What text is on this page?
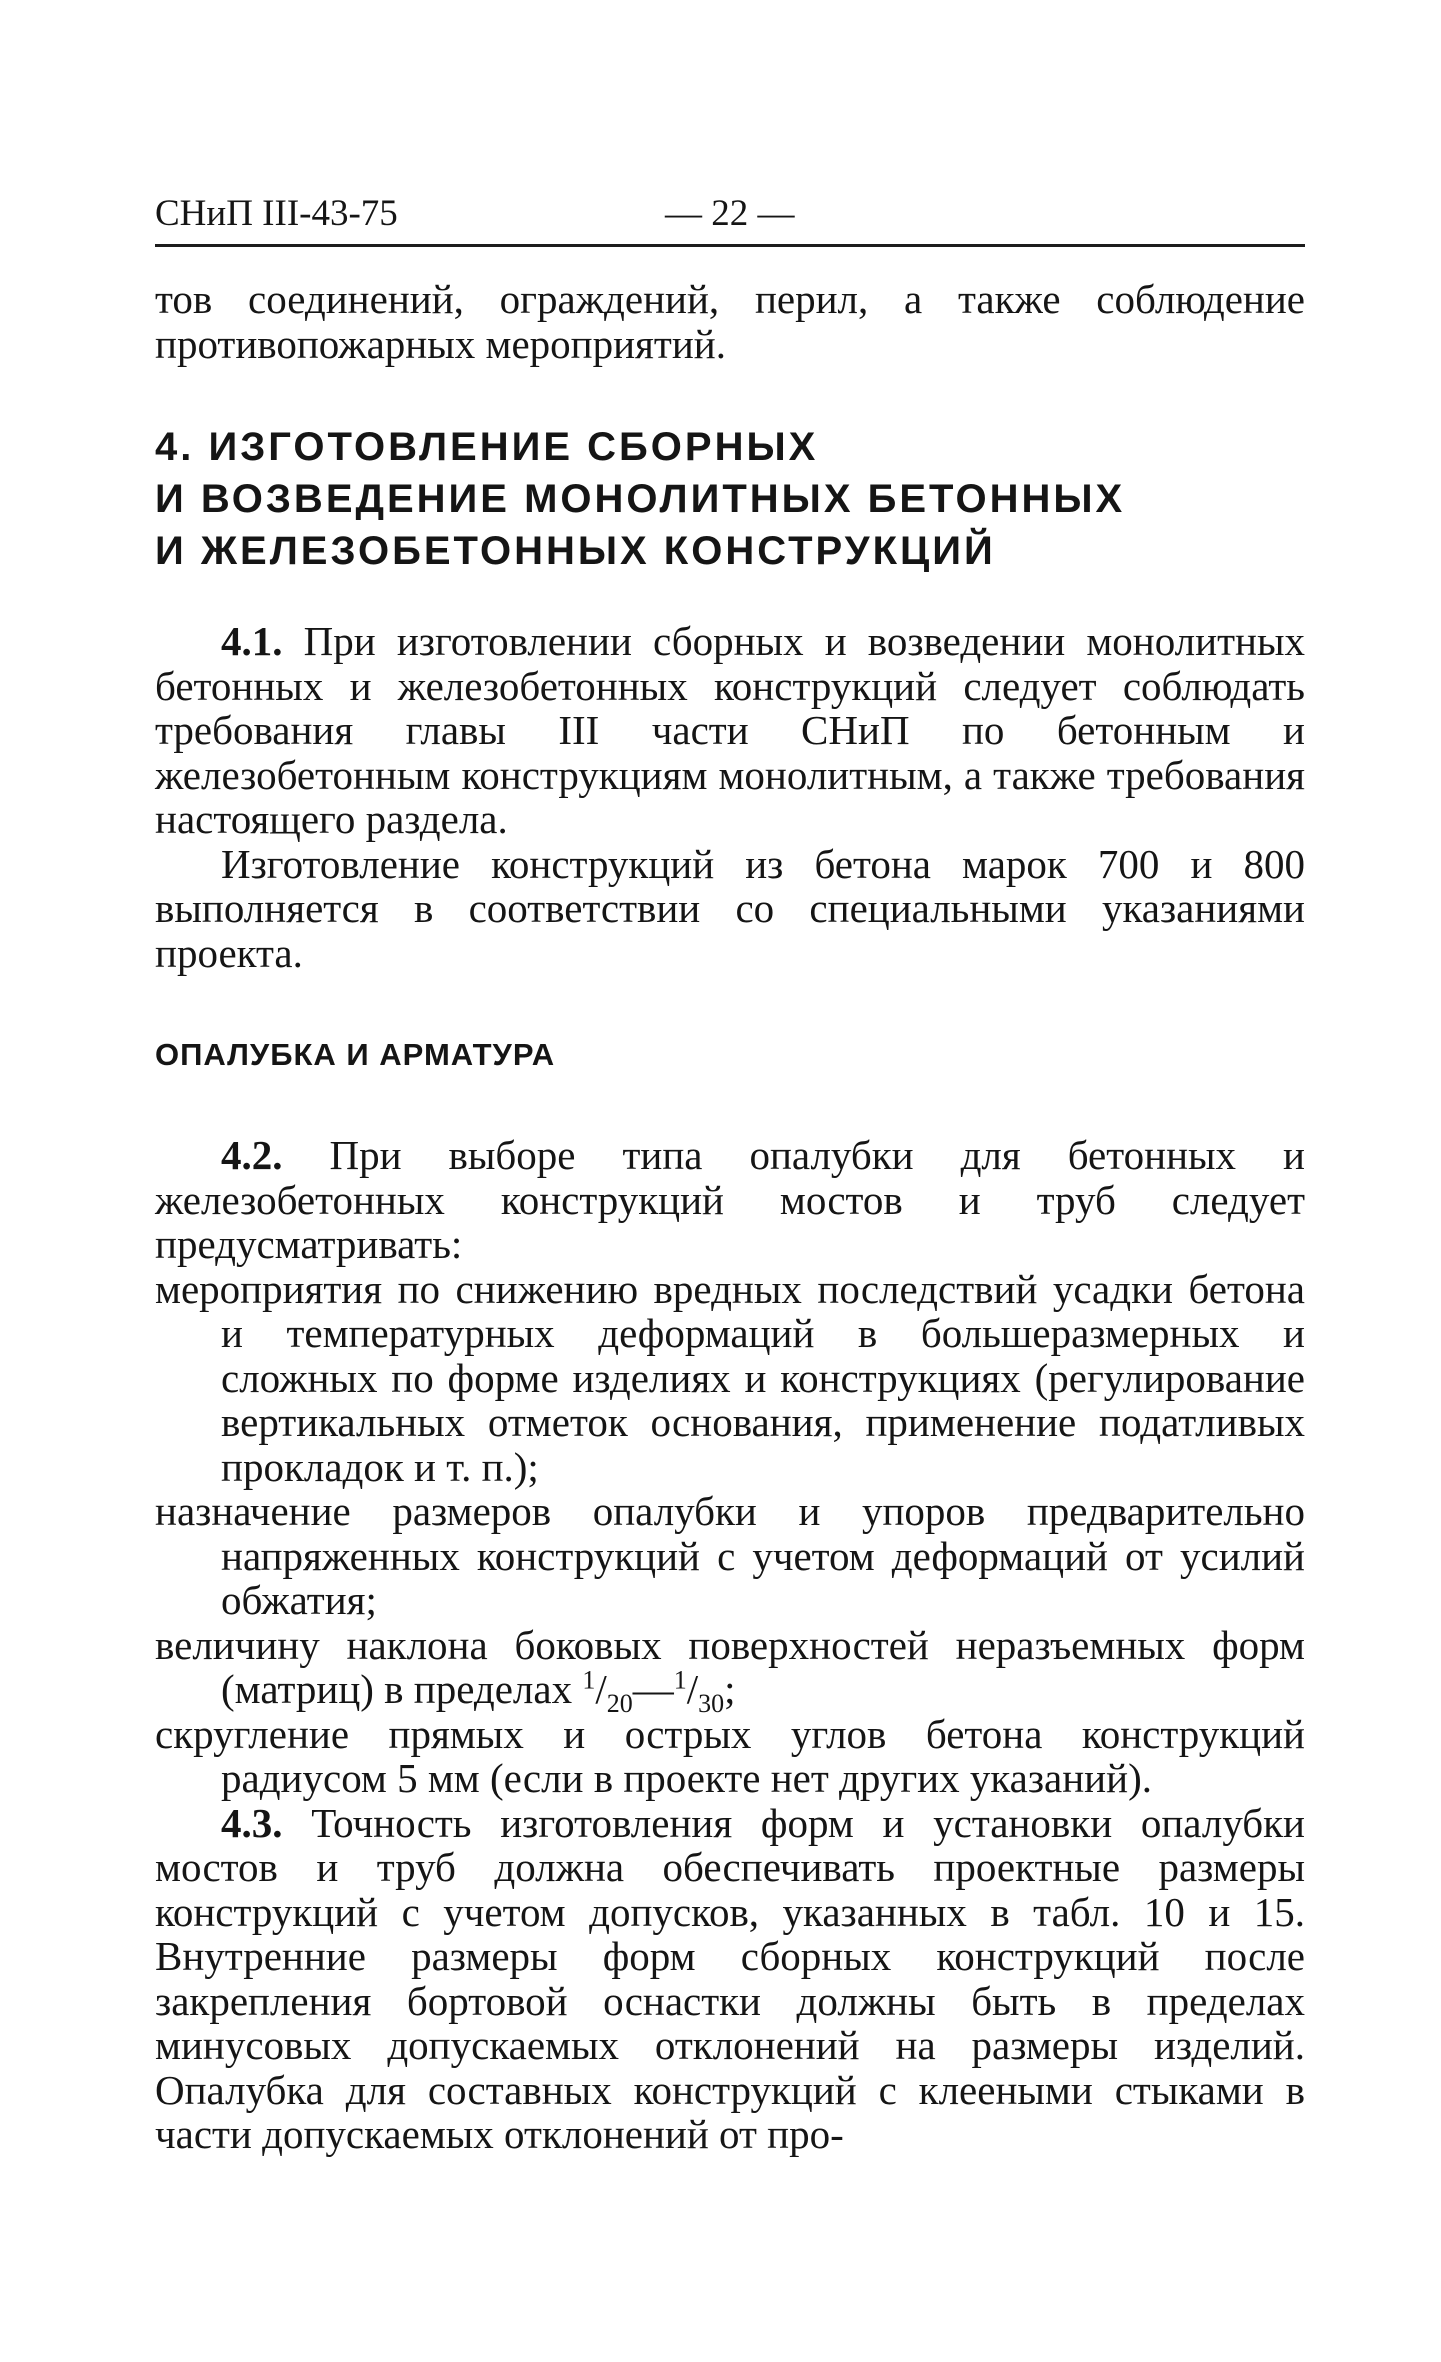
СНиП III-43-75	— 22 —

тов соединений, ограждений, перил, а также соблюдение противопожарных мероприятий.

4. ИЗГОТОВЛЕНИЕ СБОРНЫХ
И ВОЗВЕДЕНИЕ МОНОЛИТНЫХ БЕТОННЫХ
И ЖЕЛЕЗОБЕТОННЫХ КОНСТРУКЦИЙ

4.1. При изготовлении сборных и возведении монолитных бетонных и железобетонных конструкций следует соблюдать требования главы III части СНиП по бетонным и железобетонным конструкциям монолитным, а также требования настоящего раздела.

Изготовление конструкций из бетона марок 700 и 800 выполняется в соответствии со специальными указаниями проекта.

ОПАЛУБКА И АРМАТУРА

4.2. При выборе типа опалубки для бетонных и железобетонных конструкций мостов и труб следует предусматривать:

мероприятия по снижению вредных последствий усадки бетона и температурных деформаций в большеразмерных и сложных по форме изделиях и конструкциях (регулирование вертикальных отметок основания, применение податливых прокладок и т. п.);

назначение размеров опалубки и упоров предварительно напряженных конструкций с учетом деформаций от усилий обжатия;

величину наклона боковых поверхностей неразъемных форм (матриц) в пределах $^1/_{20}—^1/_{30}$;

скругление прямых и острых углов бетона конструкций радиусом 5 мм (если в проекте нет других указаний).

4.3. Точность изготовления форм и установки опалубки мостов и труб должна обеспечивать проектные размеры конструкций с учетом допусков, указанных в табл. 10 и 15. Внутренние размеры форм сборных конструкций после закрепления бортовой оснастки должны быть в пределах минусовых допускаемых отклонений на размеры изделий. Опалубка для составных конструкций с клееными стыками в части допускаемых отклонений от про-
